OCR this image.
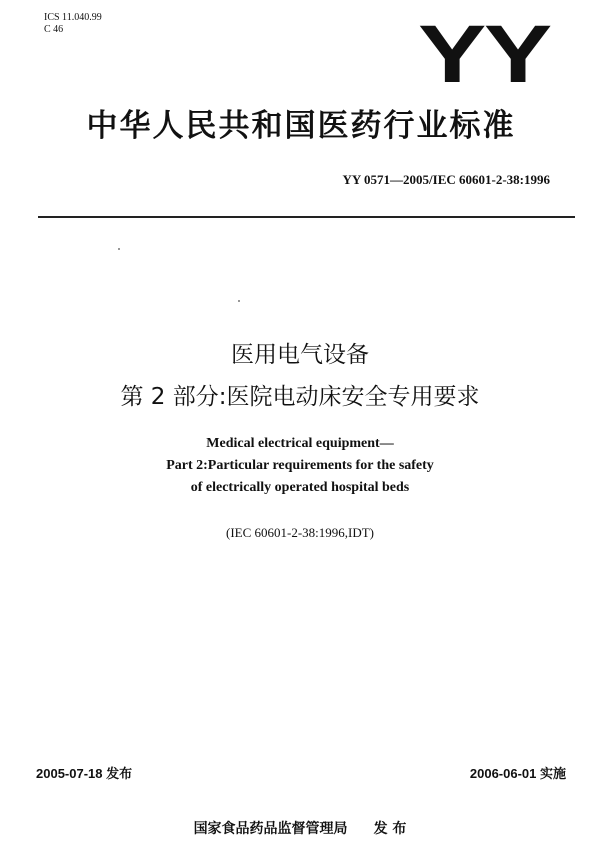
ICS 11.040.99
C 46	YY
中华人民共和国医药行业标准
YY 0571—2005/IEC 60601-2-38:1996
医用电气设备
第 2 部分:医院电动床安全专用要求
Medical electrical equipment—
Part 2:Particular requirements for the safety
of electrically operated hospital beds
(IEC 60601-2-38:1996,IDT)
2005-07-18 发布	2006-06-01 实施
国家食品药品监督管理局 发 布
